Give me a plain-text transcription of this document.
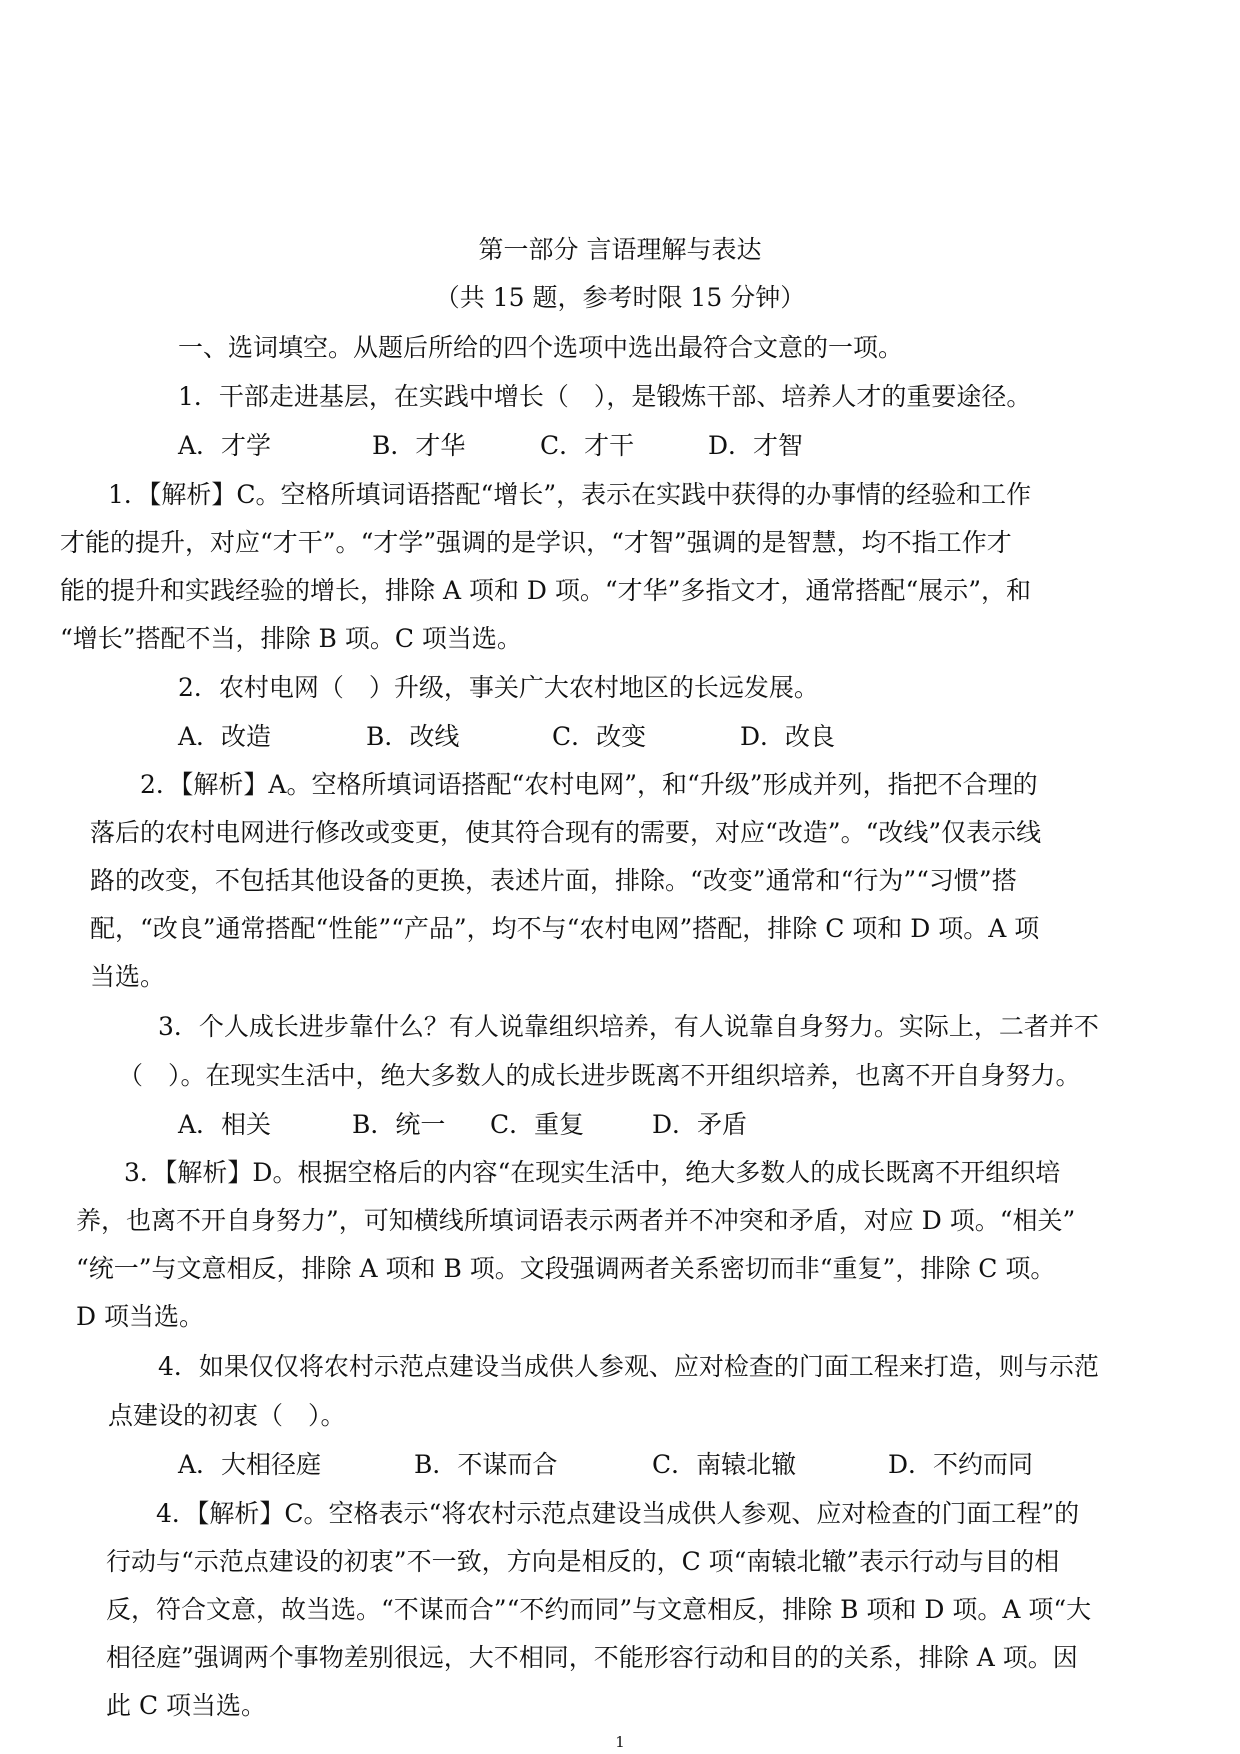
第一部分 言语理解与表达
（共 15 题，参考时限 15 分钟）
一、选词填空。从题后所给的四个选项中选出最符合文意的一项。
1．干部走进基层，在实践中增长（　），是锻炼干部、培养人才的重要途径。
A．才学	B．才华	C．才干	D．才智
1．【解析】C。空格所填词语搭配“增长”，表示在实践中获得的办事情的经验和工作
才能的提升，对应“才干”。“才学”强调的是学识，“才智”强调的是智慧，均不指工作才
能的提升和实践经验的增长，排除 A 项和 D 项。“才华”多指文才，通常搭配“展示”，和
“增长”搭配不当，排除 B 项。C 项当选。
2．农村电网（　）升级，事关广大农村地区的长远发展。
A．改造	B．改线	C．改变	D．改良
2．【解析】A。空格所填词语搭配“农村电网”，和“升级”形成并列，指把不合理的
落后的农村电网进行修改或变更，使其符合现有的需要，对应“改造”。“改线”仅表示线
路的改变，不包括其他设备的更换，表述片面，排除。“改变”通常和“行为”“习惯”搭
配，“改良”通常搭配“性能”“产品”，均不与“农村电网”搭配，排除 C 项和 D 项。A 项
当选。
3．个人成长进步靠什么？有人说靠组织培养，有人说靠自身努力。实际上，二者并不
（　）。在现实生活中，绝大多数人的成长进步既离不开组织培养，也离不开自身努力。
A．相关	B．统一 C．重复	D．矛盾
3．【解析】D。根据空格后的内容“在现实生活中，绝大多数人的成长既离不开组织培
养，也离不开自身努力”，可知横线所填词语表示两者并不冲突和矛盾，对应 D 项。“相关”
“统一”与文意相反，排除 A 项和 B 项。文段强调两者关系密切而非“重复”，排除 C 项。
D 项当选。
4．如果仅仅将农村示范点建设当成供人参观、应对检查的门面工程来打造，则与示范
点建设的初衷（　）。
A．大相径庭	B．不谋而合	C．南辕北辙	D．不约而同
4．【解析】C。空格表示“将农村示范点建设当成供人参观、应对检查的门面工程”的
行动与“示范点建设的初衷”不一致，方向是相反的，C 项“南辕北辙”表示行动与目的相
反，符合文意，故当选。“不谋而合”“不约而同”与文意相反，排除 B 项和 D 项。A 项“大
相径庭”强调两个事物差别很远，大不相同，不能形容行动和目的的关系，排除 A 项。因
此 C 项当选。
1
